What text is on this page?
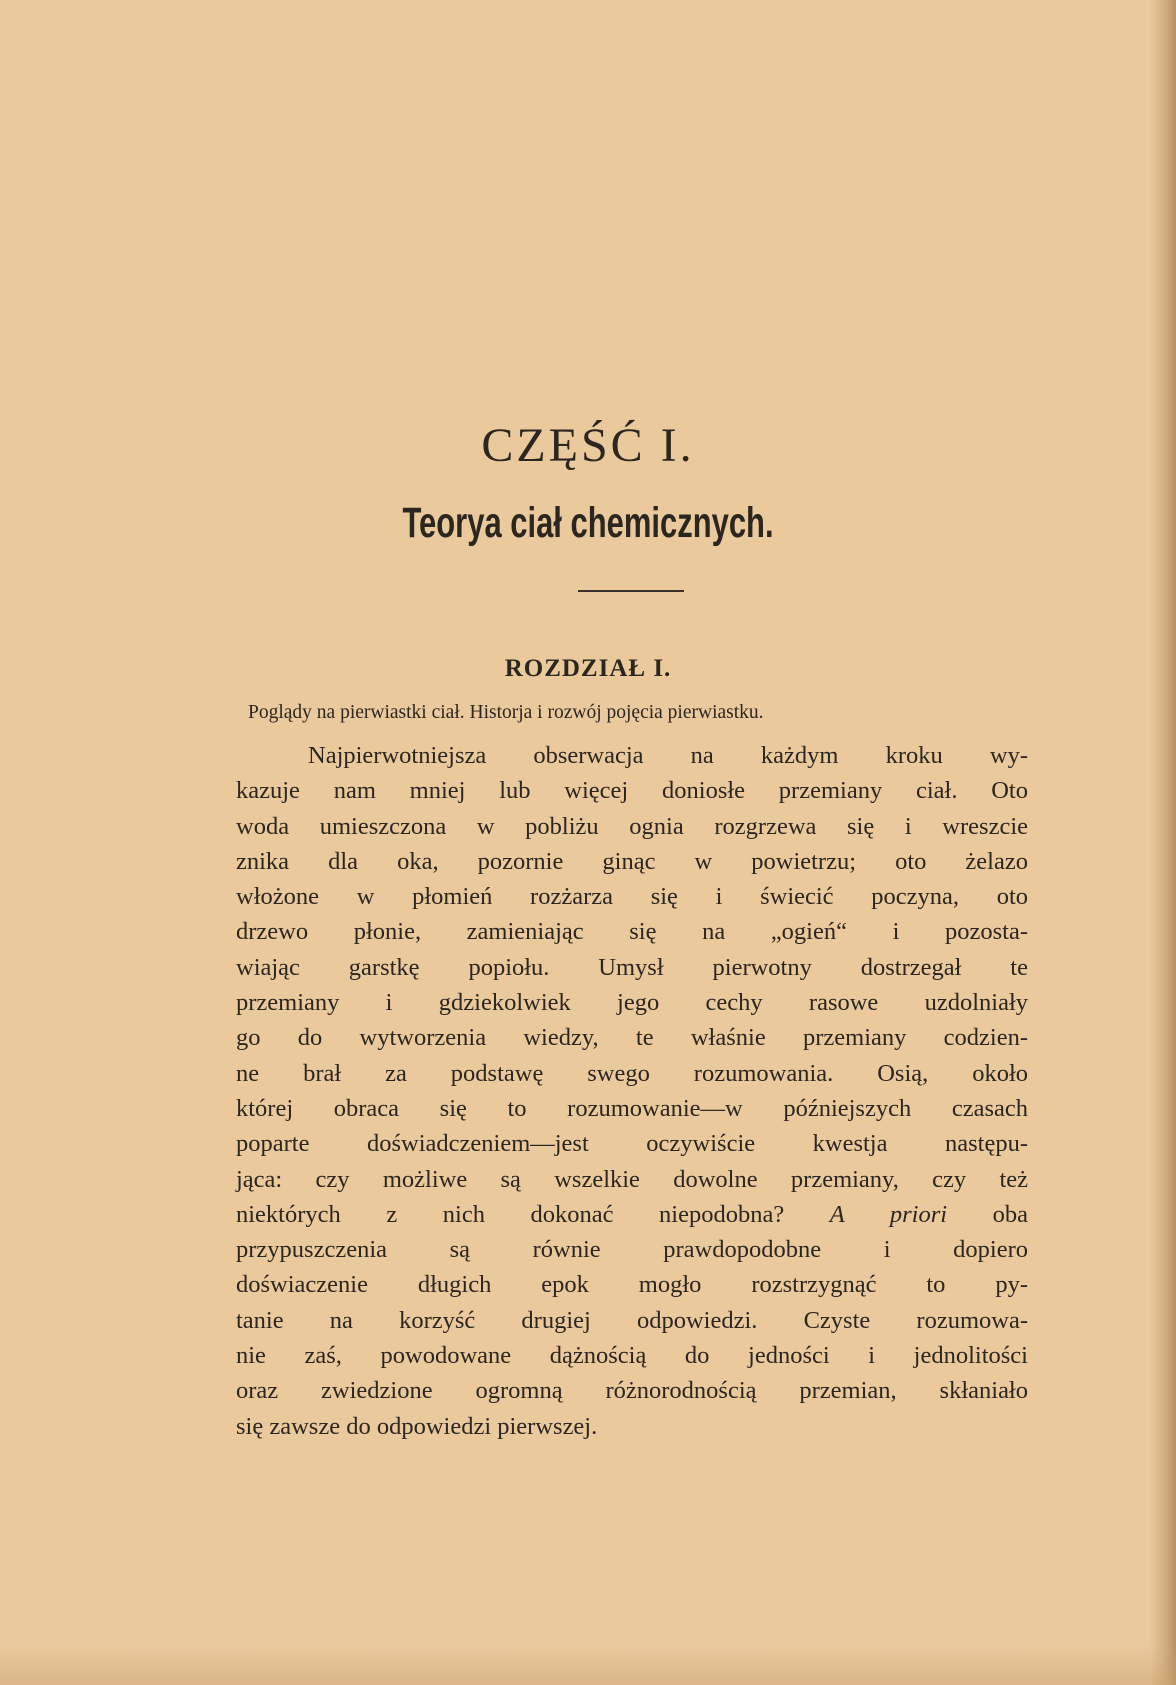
CZĘŚĆ I.
Teorya ciał chemicznych.
ROZDZIAŁ I.

Poglądy na pierwiastki ciał. Historja i rozwój pojęcia pierwiastku.

Najpierwotniejsza obserwacja na każdym kroku wy-
kazuje nam mniej lub więcej doniosłe przemiany ciał. Oto
woda umieszczona w pobliżu ognia rozgrzewa się i wreszcie
znika dla oka, pozornie ginąc w powietrzu; oto żelazo
włożone w płomień rozżarza się i świecić poczyna, oto
drzewo płonie, zamieniając się na „ogień“ i pozosta-
wiając garstkę popiołu. Umysł pierwotny dostrzegał te
przemiany i gdziekolwiek jego cechy rasowe uzdolniały
go do wytworzenia wiedzy, te właśnie przemiany codzien-
ne brał za podstawę swego rozumowania. Osią, około
której obraca się to rozumowanie—w późniejszych czasach
poparte doświadczeniem—jest oczywiście kwestja następu-
jąca: czy możliwe są wszelkie dowolne przemiany, czy też
niektórych z nich dokonać niepodobna? A priori oba
przypuszczenia są równie prawdopodobne i dopiero
doświaczenie długich epok mogło rozstrzygnąć to py-
tanie na korzyść drugiej odpowiedzi. Czyste rozumowa-
nie zaś, powodowane dążnością do jedności i jednolitości
oraz zwiedzione ogromną różnorodnością przemian, skłaniało
się zawsze do odpowiedzi pierwszej.
